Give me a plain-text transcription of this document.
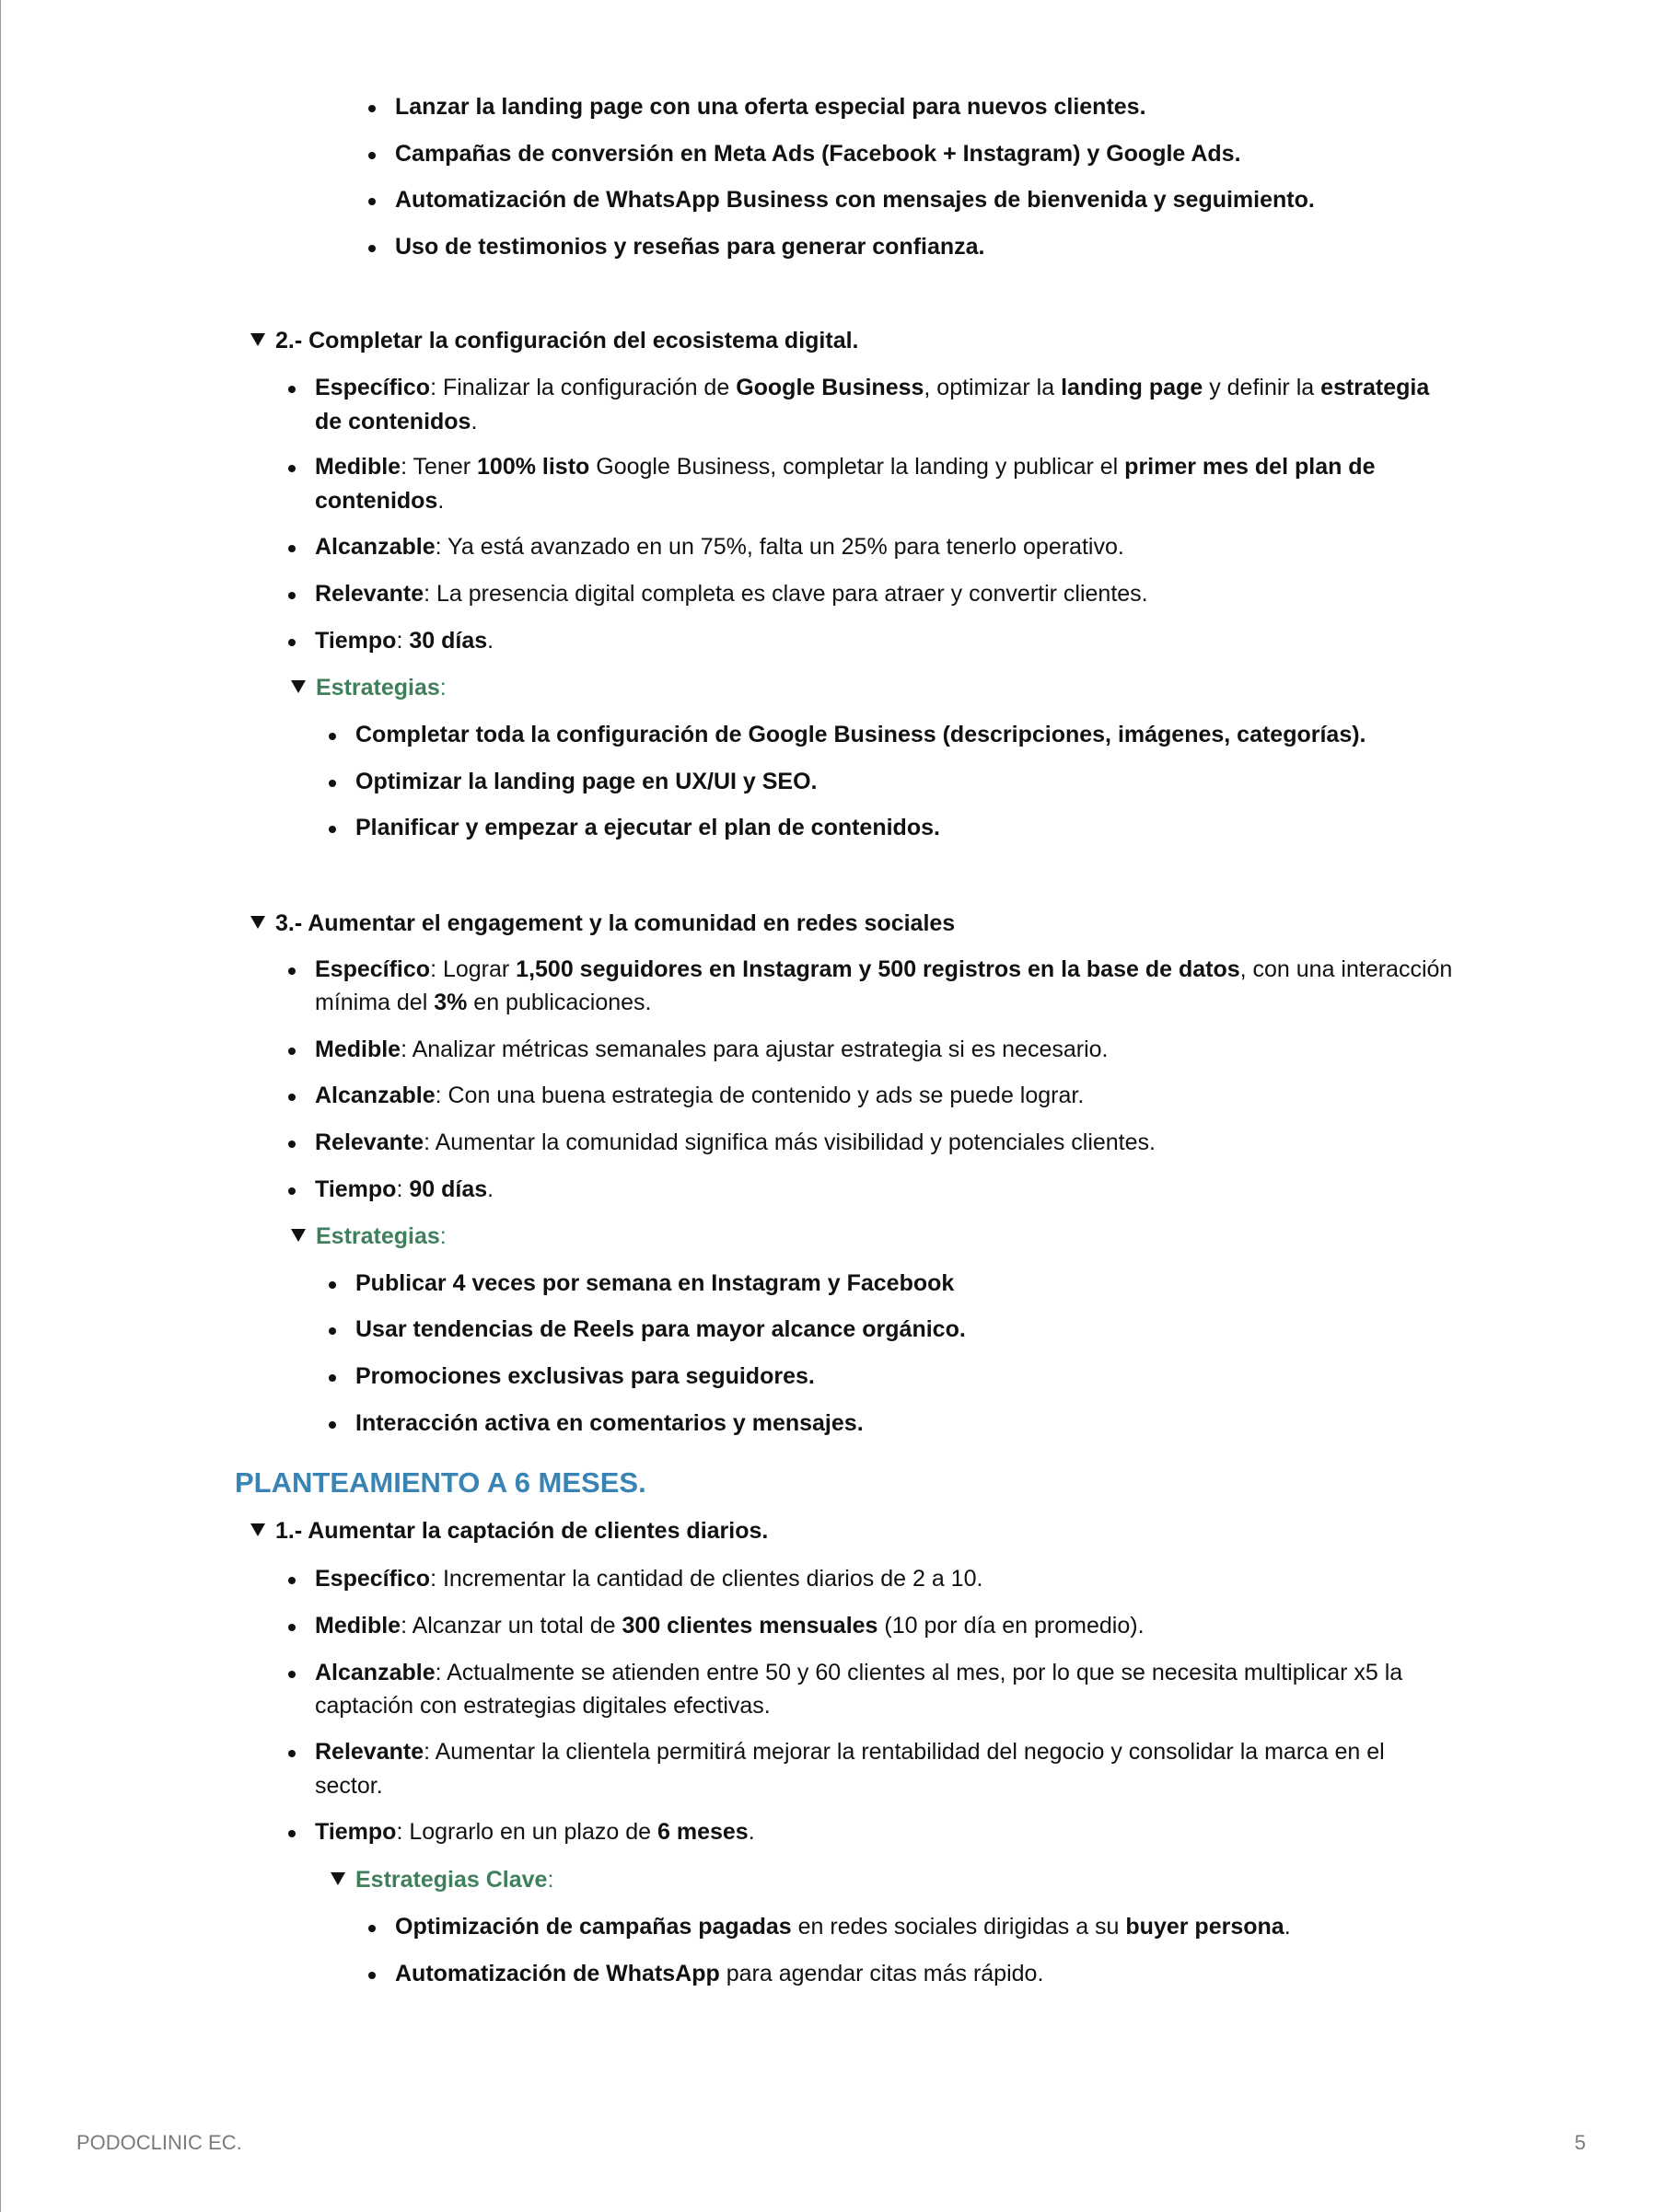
Lanzar la landing page con una oferta especial para nuevos clientes.
Campañas de conversión en Meta Ads (Facebook + Instagram) y Google Ads.
Automatización de WhatsApp Business con mensajes de bienvenida y seguimiento.
Uso de testimonios y reseñas para generar confianza.
2.- Completar la configuración del ecosistema digital.
Específico: Finalizar la configuración de Google Business, optimizar la landing page y definir la estrategia
de contenidos.
Medible: Tener 100% listo Google Business, completar la landing y publicar el primer mes del plan de
contenidos.
Alcanzable: Ya está avanzado en un 75%, falta un 25% para tenerlo operativo.
Relevante: La presencia digital completa es clave para atraer y convertir clientes.
Tiempo: 30 días.
Estrategias:
Completar toda la configuración de Google Business (descripciones, imágenes, categorías).
Optimizar la landing page en UX/UI y SEO.
Planificar y empezar a ejecutar el plan de contenidos.
3.- Aumentar el engagement y la comunidad en redes sociales
Específico: Lograr 1,500 seguidores en Instagram y 500 registros en la base de datos, con una interacción
mínima del 3% en publicaciones.
Medible: Analizar métricas semanales para ajustar estrategia si es necesario.
Alcanzable: Con una buena estrategia de contenido y ads se puede lograr.
Relevante: Aumentar la comunidad significa más visibilidad y potenciales clientes.
Tiempo: 90 días.
Estrategias:
Publicar 4 veces por semana en Instagram y Facebook
Usar tendencias de Reels para mayor alcance orgánico.
Promociones exclusivas para seguidores.
Interacción activa en comentarios y mensajes.
PLANTEAMIENTO A 6 MESES.
1.- Aumentar la captación de clientes diarios.
Específico: Incrementar la cantidad de clientes diarios de 2 a 10.
Medible: Alcanzar un total de 300 clientes mensuales (10 por día en promedio).
Alcanzable: Actualmente se atienden entre 50 y 60 clientes al mes, por lo que se necesita multiplicar x5 la
captación con estrategias digitales efectivas.
Relevante: Aumentar la clientela permitirá mejorar la rentabilidad del negocio y consolidar la marca en el
sector.
Tiempo: Lograrlo en un plazo de 6 meses.
Estrategias Clave:
Optimización de campañas pagadas en redes sociales dirigidas a su buyer persona.
Automatización de WhatsApp para agendar citas más rápido.
PODOCLINIC EC.	5
